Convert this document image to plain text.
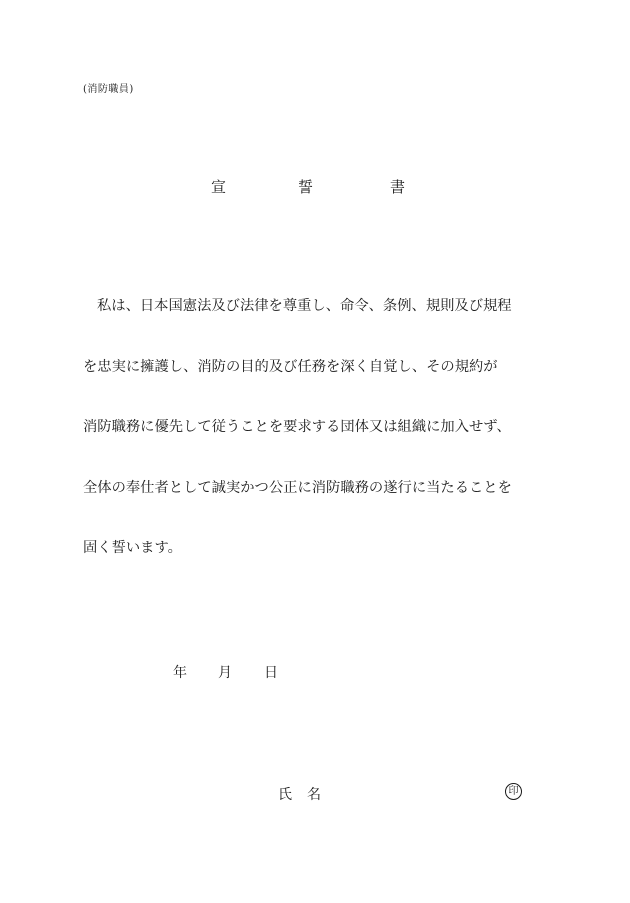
(消防職員)
宣	誓	書
私は、日本国憲法及び法律を尊重し、命令、条例、規則及び規程
を忠実に擁護し、消防の目的及び任務を深く自覚し、その規約が
消防職務に優先して従うことを要求する団体又は組織に加入せず、
全体の奉仕者として誠実かつ公正に消防職務の遂行に当たることを
固く誓います。
年 月 日
氏 名	印
